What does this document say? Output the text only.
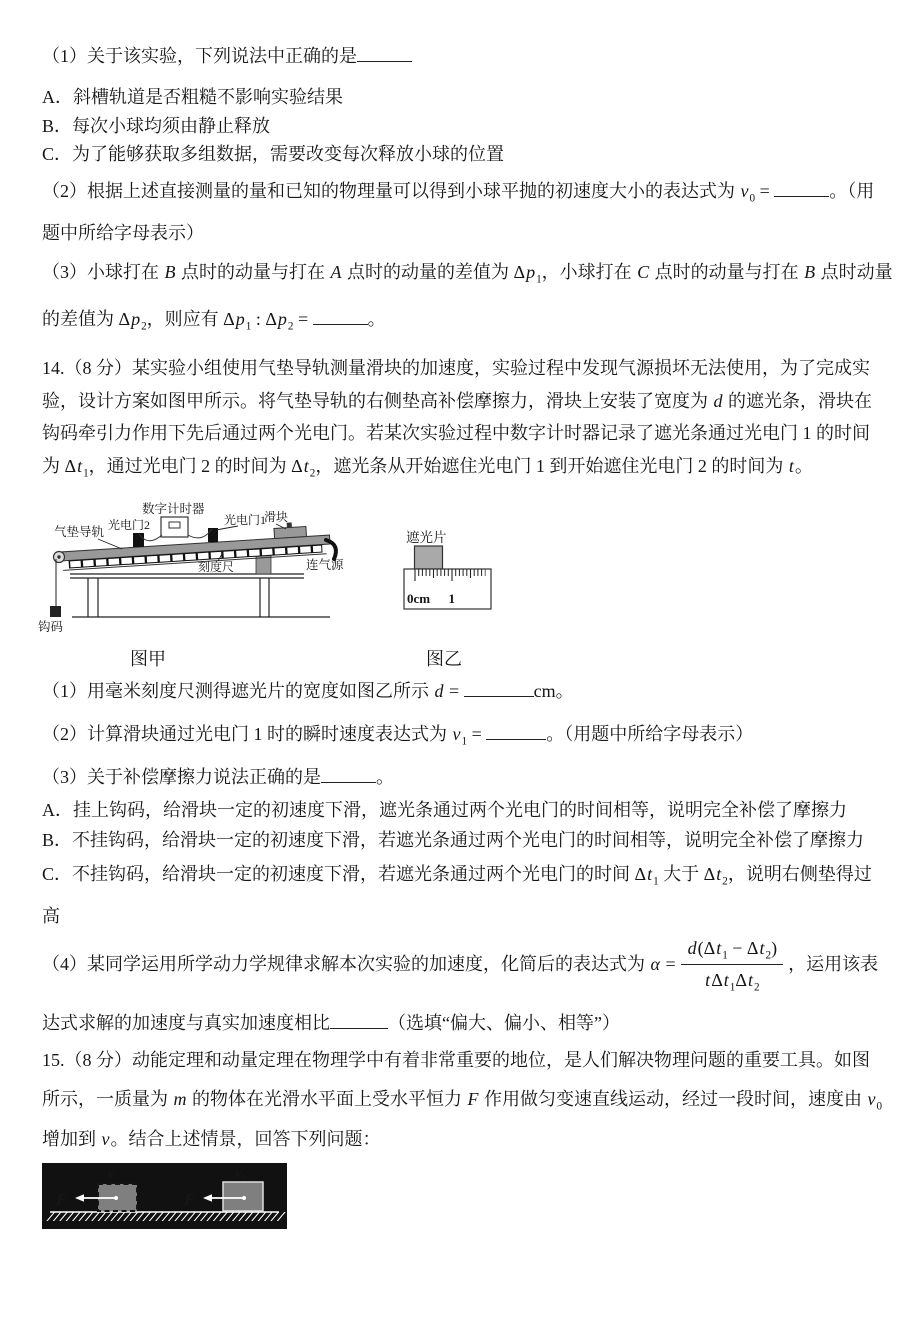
（1）关于该实验，下列说法中正确的是
A．斜槽轨道是否粗糙不影响实验结果
B．每次小球均须由静止释放
C．为了能够获取多组数据，需要改变每次释放小球的位置
（2）根据上述直接测量的量和已知的物理量可以得到小球平抛的初速度大小的表达式为 $v_0$ =	。（用
题中所给字母表示）
（3）小球打在 B 点时的动量与打在 A 点时的动量的差值为 $\Delta p_1$，小球打在 C 点时的动量与打在 B 点时动量
的差值为 $\Delta p_2$，则应有 $\Delta p_1$ : $\Delta p_2$ =	。
14.（8 分）某实验小组使用气垫导轨测量滑块的加速度，实验过程中发现气源损坏无法使用，为了完成实
验，设计方案如图甲所示。将气垫导轨的右侧垫高补偿摩擦力，滑块上安装了宽度为 d 的遮光条，滑块在
钩码牵引力作用下先后通过两个光电门。若某次实验过程中数字计时器记录了遮光条通过光电门 1 的时间
为 $\Delta t_1$，通过光电门 2 的时间为 $\Delta t_2$，遮光条从开始遮住光电门 1 到开始遮住光电门 2 的时间为 t。
气垫导轨
数字计时器
光电门2	光电门1
滑块
刻度尺	连气源
钩码
遮光片
0cm 1
图甲	图乙
（1）用毫米刻度尺测得遮光片的宽度如图乙所示 d =	cm。
（2）计算滑块通过光电门 1 时的瞬时速度表达式为 $v_1$ =	。（用题中所给字母表示）
（3）关于补偿摩擦力说法正确的是	。
A．挂上钩码，给滑块一定的初速度下滑，遮光条通过两个光电门的时间相等，说明完全补偿了摩擦力
B．不挂钩码，给滑块一定的初速度下滑，若遮光条通过两个光电门的时间相等，说明完全补偿了摩擦力
C．不挂钩码，给滑块一定的初速度下滑，若遮光条通过两个光电门的时间 $\Delta t_1$ 大于 $\Delta t_2$，说明右侧垫得过
高
（4）某同学运用所学动力学规律求解本次实验的加速度，化简后的表达式为 $\alpha = \frac{d(\Delta t_1 - \Delta t_2)}{t\Delta t_1\Delta t_2}$ ，运用该表
达式求解的加速度与真实加速度相比	（选填“偏大、偏小、相等”）
15.（8 分）动能定理和动量定理在物理学中有着非常重要的地位，是人们解决物理问题的重要工具。如图
所示，一质量为 m 的物体在光滑水平面上受水平恒力 F 作用做匀变速直线运动，经过一段时间，速度由 $v_0$
增加到 v。结合上述情景，回答下列问题：
v	v₀
F	F
